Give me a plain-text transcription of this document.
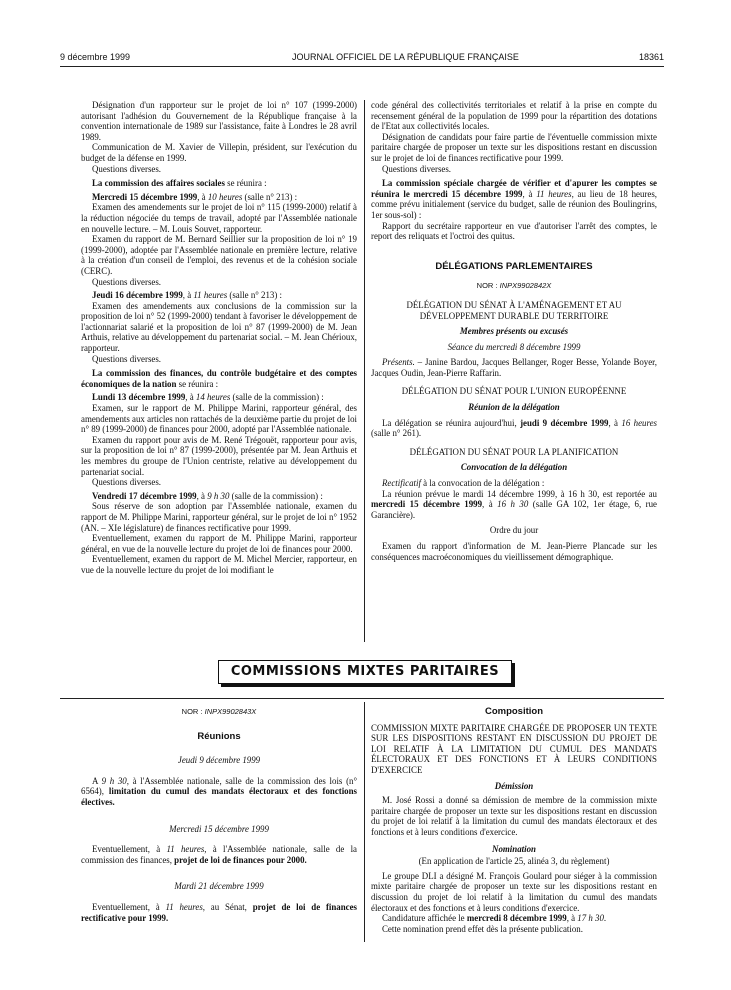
9 décembre 1999	JOURNAL OFFICIEL DE LA RÉPUBLIQUE FRANÇAISE	18361

Désignation d'un rapporteur sur le projet de loi n° 107 (1999-2000) autorisant l'adhésion du Gouvernement de la République française à la convention internationale de 1989 sur l'assistance, faite à Londres le 28 avril 1989.

Communication de M. Xavier de Villepin, président, sur l'exécution du budget de la défense en 1999.

Questions diverses.

La commission des affaires sociales se réunira :

Mercredi 15 décembre 1999, à 10 heures (salle n° 213) :

Examen des amendements sur le projet de loi n° 115 (1999-2000) relatif à la réduction négociée du temps de travail, adopté par l'Assemblée nationale en nouvelle lecture. – M. Louis Souvet, rapporteur.

Examen du rapport de M. Bernard Seillier sur la proposition de loi n° 19 (1999-2000), adoptée par l'Assemblée nationale en première lecture, relative à la création d'un conseil de l'emploi, des revenus et de la cohésion sociale (CERC).

Questions diverses.

Jeudi 16 décembre 1999, à 11 heures (salle n° 213) :

Examen des amendements aux conclusions de la commission sur la proposition de loi n° 52 (1999-2000) tendant à favoriser le développement de l'actionnariat salarié et la proposition de loi n° 87 (1999-2000) de M. Jean Arthuis, relative au développement du partenariat social. – M. Jean Chérioux, rapporteur.

Questions diverses.

La commission des finances, du contrôle budgétaire et des comptes économiques de la nation se réunira :

Lundi 13 décembre 1999, à 14 heures (salle de la commission) :

Examen, sur le rapport de M. Philippe Marini, rapporteur général, des amendements aux articles non rattachés de la deuxième partie du projet de loi n° 89 (1999-2000) de finances pour 2000, adopté par l'Assemblée nationale.

Examen du rapport pour avis de M. René Trégouët, rapporteur pour avis, sur la proposition de loi n° 87 (1999-2000), présentée par M. Jean Arthuis et les membres du groupe de l'Union centriste, relative au développement du partenariat social.

Questions diverses.

Vendredi 17 décembre 1999, à 9 h 30 (salle de la commission) :

Sous réserve de son adoption par l'Assemblée nationale, examen du rapport de M. Philippe Marini, rapporteur général, sur le projet de loi n° 1952 (AN. – XIe législature) de finances rectificative pour 1999.

Eventuellement, examen du rapport de M. Philippe Marini, rapporteur général, en vue de la nouvelle lecture du projet de loi de finances pour 2000.

Eventuellement, examen du rapport de M. Michel Mercier, rapporteur, en vue de la nouvelle lecture du projet de loi modifiant le

code général des collectivités territoriales et relatif à la prise en compte du recensement général de la population de 1999 pour la répartition des dotations de l'Etat aux collectivités locales.

Désignation de candidats pour faire partie de l'éventuelle commission mixte paritaire chargée de proposer un texte sur les dispositions restant en discussion sur le projet de loi de finances rectificative pour 1999.

Questions diverses.

La commission spéciale chargée de vérifier et d'apurer les comptes se réunira le mercredi 15 décembre 1999, à 11 heures, au lieu de 18 heures, comme prévu initialement (service du budget, salle de réunion des Boulingrins, 1er sous-sol) :

Rapport du secrétaire rapporteur en vue d'autoriser l'arrêt des comptes, le report des reliquats et l'octroi des quitus.

DÉLÉGATIONS PARLEMENTAIRES

NOR : INPX9902842X

DÉLÉGATION DU SÉNAT À L'AMÉNAGEMENT ET AU DÉVELOPPEMENT DURABLE DU TERRITOIRE

Membres présents ou excusés

Séance du mercredi 8 décembre 1999

Présents. – Janine Bardou, Jacques Bellanger, Roger Besse, Yolande Boyer, Jacques Oudin, Jean-Pierre Raffarin.

DÉLÉGATION DU SÉNAT POUR L'UNION EUROPÉENNE

Réunion de la délégation

La délégation se réunira aujourd'hui, jeudi 9 décembre 1999, à 16 heures (salle n° 261).

DÉLÉGATION DU SÉNAT POUR LA PLANIFICATION

Convocation de la délégation

Rectificatif à la convocation de la délégation :

La réunion prévue le mardi 14 décembre 1999, à 16 h 30, est reportée au mercredi 15 décembre 1999, à 16 h 30 (salle GA 102, 1er étage, 6, rue Garancière).

Ordre du jour

Examen du rapport d'information de M. Jean-Pierre Plancade sur les conséquences macroéconomiques du vieillissement démographique.

COMMISSIONS MIXTES PARITAIRES

NOR : INPX9902843X

Réunions

Jeudi 9 décembre 1999

A 9 h 30, à l'Assemblée nationale, salle de la commission des lois (n° 6564), limitation du cumul des mandats électoraux et des fonctions électives.

Mercredi 15 décembre 1999

Eventuellement, à 11 heures, à l'Assemblée nationale, salle de la commission des finances, projet de loi de finances pour 2000.

Mardi 21 décembre 1999

Eventuellement, à 11 heures, au Sénat, projet de loi de finances rectificative pour 1999.

Composition

COMMISSION MIXTE PARITAIRE CHARGÉE DE PROPOSER UN TEXTE SUR LES DISPOSITIONS RESTANT EN DISCUSSION DU PROJET DE LOI RELATIF À LA LIMITATION DU CUMUL DES MANDATS ÉLECTORAUX ET DES FONCTIONS ET À LEURS CONDITIONS D'EXERCICE

Démission

M. José Rossi a donné sa démission de membre de la commission mixte paritaire chargée de proposer un texte sur les dispositions restant en discussion du projet de loi relatif à la limitation du cumul des mandats électoraux et des fonctions et à leurs conditions d'exercice.

Nomination

(En application de l'article 25, alinéa 3, du règlement)

Le groupe DLI a désigné M. François Goulard pour siéger à la commission mixte paritaire chargée de proposer un texte sur les dispositions restant en discussion du projet de loi relatif à la limitation du cumul des mandats électoraux et des fonctions et à leurs conditions d'exercice.

Candidature affichée le mercredi 8 décembre 1999, à 17 h 30.

Cette nomination prend effet dès la présente publication.
